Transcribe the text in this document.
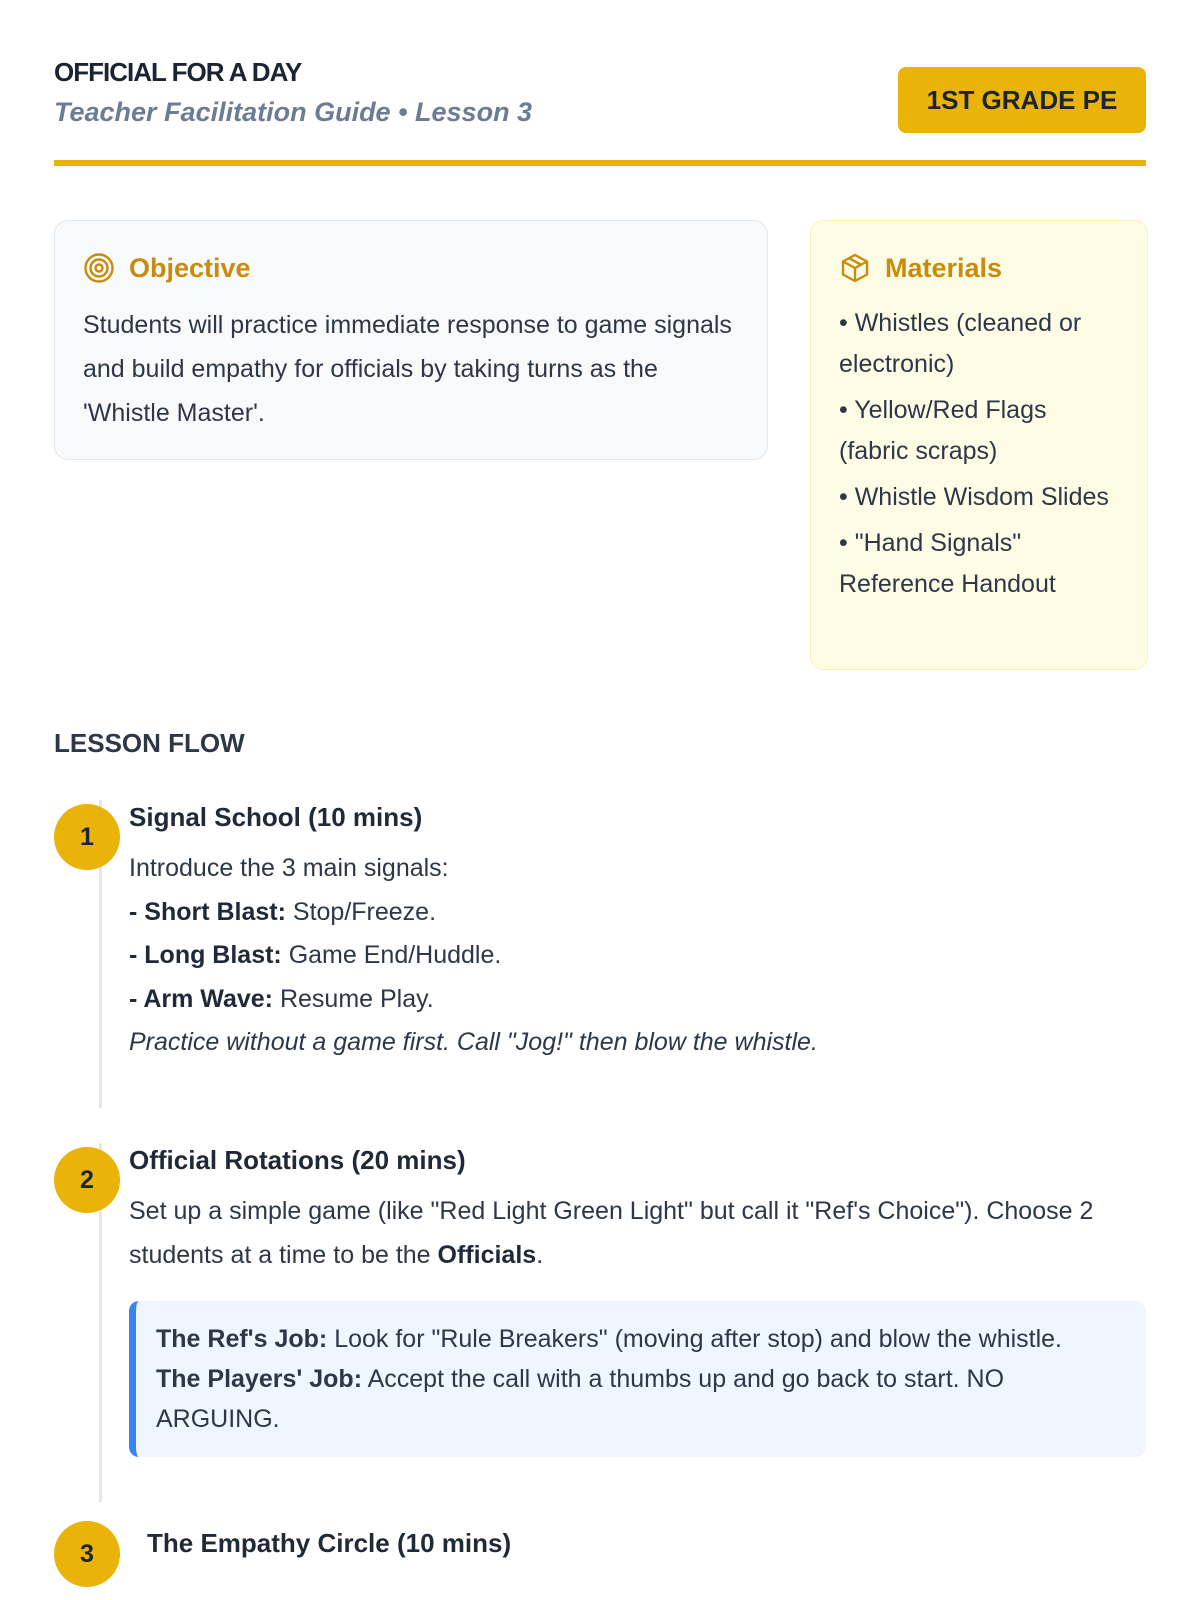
OFFICIAL FOR A DAY
Teacher Facilitation Guide • Lesson 3	1ST GRADE PE
Objective

Students will practice immediate response to game signals and build empathy for officials by taking turns as the 'Whistle Master'.

Materials
• Whistles (cleaned or electronic)
• Yellow/Red Flags (fabric scraps)
• Whistle Wisdom Slides
• "Hand Signals" Reference Handout
LESSON FLOW
1
Signal School (10 mins)

Introduce the 3 main signals:

- Short Blast: Stop/Freeze.

- Long Blast: Game End/Huddle.

- Arm Wave: Resume Play.

Practice without a game first. Call "Jog!" then blow the whistle.

2
Official Rotations (20 mins)

Set up a simple game (like "Red Light Green Light" but call it "Ref's Choice"). Choose 2 students at a time to be the Officials.

The Ref's Job: Look for "Rule Breakers" (moving after stop) and blow the whistle.

The Players' Job: Accept the call with a thumbs up and go back to start. NO ARGUING.

3	The Empathy Circle (10 mins)
